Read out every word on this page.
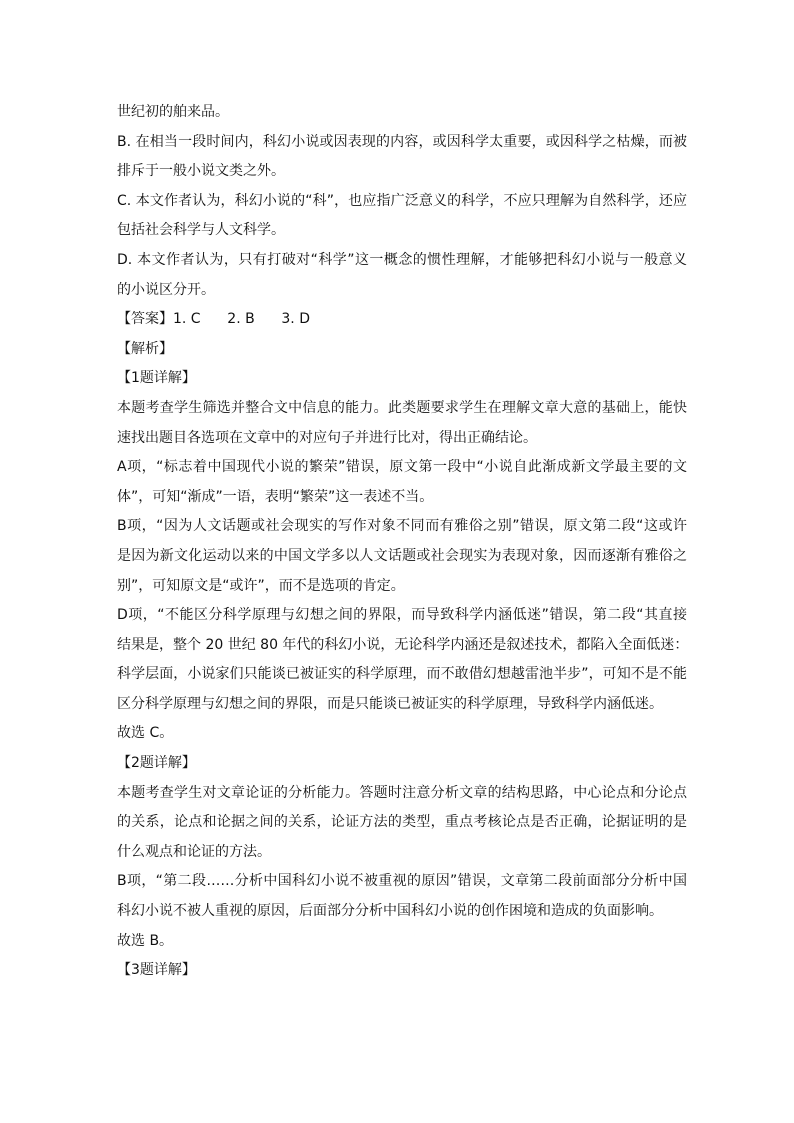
世纪初的舶来品。
B. 在相当一段时间内，科幻小说或因表现的内容，或因科学太重要，或因科学之枯燥，而被
排斥于一般小说文类之外。
C. 本文作者认为，科幻小说的“科”，也应指广泛意义的科学，不应只理解为自然科学，还应
包括社会科学与人文科学。
D. 本文作者认为，只有打破对“科学”这一概念的惯性理解，才能够把科幻小说与一般意义
的小说区分开。
【答案】1. C      2. B      3. D
【解析】
【1题详解】
本题考查学生筛选并整合文中信息的能力。此类题要求学生在理解文章大意的基础上，能快
速找出题目各选项在文章中的对应句子并进行比对，得出正确结论。
A项，“标志着中国现代小说的繁荣”错误，原文第一段中“小说自此渐成新文学最主要的文
体”，可知“渐成”一语，表明“繁荣”这一表述不当。
B项，“因为人文话题或社会现实的写作对象不同而有雅俗之别”错误，原文第二段“这或许
是因为新文化运动以来的中国文学多以人文话题或社会现实为表现对象，因而逐渐有雅俗之
别”，可知原文是“或许”，而不是选项的肯定。
D项，“不能区分科学原理与幻想之间的界限，而导致科学内涵低迷”错误，第二段“其直接
结果是，整个 20 世纪 80 年代的科幻小说，无论科学内涵还是叙述技术，都陷入全面低迷：
科学层面，小说家们只能谈已被证实的科学原理，而不敢借幻想越雷池半步”，可知不是不能
区分科学原理与幻想之间的界限，而是只能谈已被证实的科学原理，导致科学内涵低迷。
故选 C。
【2题详解】
本题考查学生对文章论证的分析能力。答题时注意分析文章的结构思路，中心论点和分论点
的关系，论点和论据之间的关系，论证方法的类型，重点考核论点是否正确，论据证明的是
什么观点和论证的方法。
B项，“第二段……分析中国科幻小说不被重视的原因”错误，文章第二段前面部分分析中国
科幻小说不被人重视的原因，后面部分分析中国科幻小说的创作困境和造成的负面影响。
故选 B。
【3题详解】
